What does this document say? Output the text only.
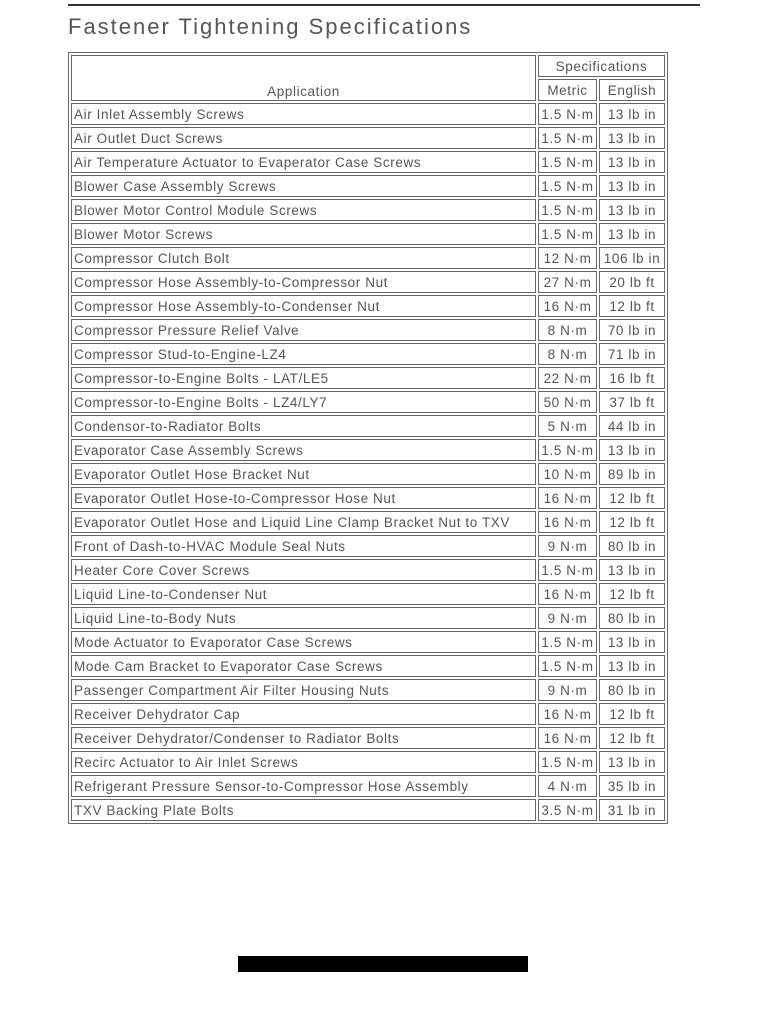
Fastener Tightening Specifications
Application	Specifications	
	Metric	English
Air Inlet Assembly Screws	1.5 N·m	13 lb in
Air Outlet Duct Screws	1.5 N·m	13 lb in
Air Temperature Actuator to Evaperator Case Screws	1.5 N·m	13 lb in
Blower Case Assembly Screws	1.5 N·m	13 lb in
Blower Motor Control Module Screws	1.5 N·m	13 lb in
Blower Motor Screws	1.5 N·m	13 lb in
Compressor Clutch Bolt	12 N·m	106 lb in
Compressor Hose Assembly-to-Compressor Nut	27 N·m	20 lb ft
Compressor Hose Assembly-to-Condenser Nut	16 N·m	12 lb ft
Compressor Pressure Relief Valve	8 N·m	70 lb in
Compressor Stud-to-Engine-LZ4	8 N·m	71 lb in
Compressor-to-Engine Bolts - LAT/LE5	22 N·m	16 lb ft
Compressor-to-Engine Bolts - LZ4/LY7	50 N·m	37 lb ft
Condensor-to-Radiator Bolts	5 N·m	44 lb in
Evaporator Case Assembly Screws	1.5 N·m	13 lb in
Evaporator Outlet Hose Bracket Nut	10 N·m	89 lb in
Evaporator Outlet Hose-to-Compressor Hose Nut	16 N·m	12 lb ft
Evaporator Outlet Hose and Liquid Line Clamp Bracket Nut to TXV	16 N·m	12 lb ft
Front of Dash-to-HVAC Module Seal Nuts	9 N·m	80 lb in
Heater Core Cover Screws	1.5 N·m	13 lb in
Liquid Line-to-Condenser Nut	16 N·m	12 lb ft
Liquid Line-to-Body Nuts	9 N·m	80 lb in
Mode Actuator to Evaporator Case Screws	1.5 N·m	13 lb in
Mode Cam Bracket to Evaporator Case Screws	1.5 N·m	13 lb in
Passenger Compartment Air Filter Housing Nuts	9 N·m	80 lb in
Receiver Dehydrator Cap	16 N·m	12 lb ft
Receiver Dehydrator/Condenser to Radiator Bolts	16 N·m	12 lb ft
Recirc Actuator to Air Inlet Screws	1.5 N·m	13 lb in
Refrigerant Pressure Sensor-to-Compressor Hose Assembly	4 N·m	35 lb in
TXV Backing Plate Bolts	3.5 N·m	31 lb in
